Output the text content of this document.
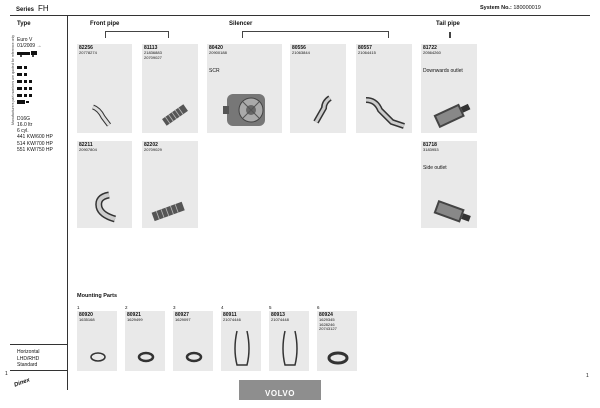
Series FH	System No.: 180000019
Manufacturers part numbers are quoted for reference only
Type
Euro V
01/2009 →
D16G
16.0 ltr
6 cyl.
441 KW/600 HP
514 KW/700 HP
551 KW/750 HP
Horizontal
LHD/RHD
Standard
1
Dinex
Front pipe	Silencer	Tail pipe
82256
20778274
81113
21836883
20709027
80420
20900188
SCR
80556
21063844
80557
21064415
81722
20564260
Downwards outlet
82211
20907804
82202
20709029
81718
3183953
Side outlet
Mounting Parts
1
80920
1635168
2
80921
1629499
3
80927
1629097
4
80911
21074446
5
80913
21074448
6
80924
1629345
1628246
20743127
1
VOLVO
